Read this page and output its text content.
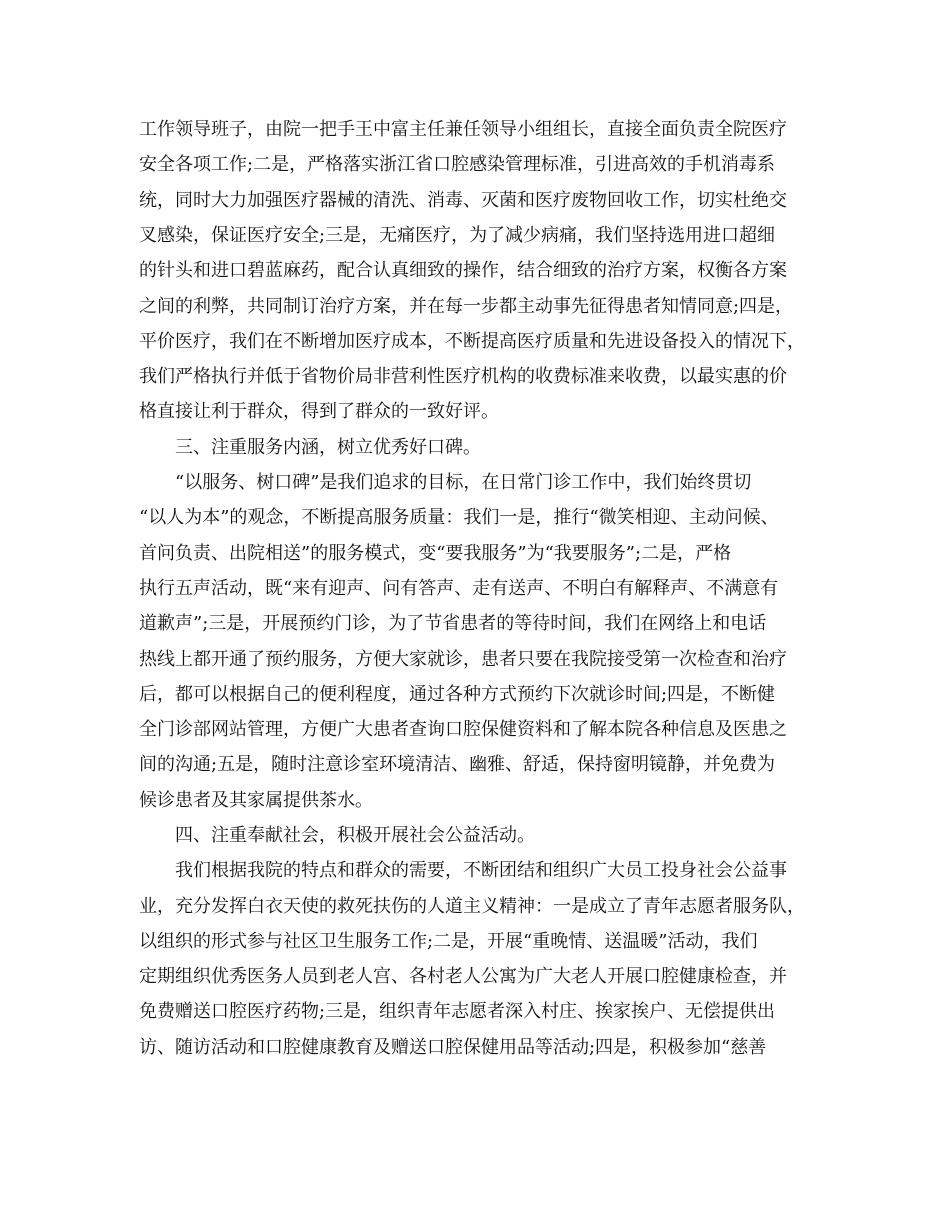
工作领导班子，由院一把手王中富主任兼任领导小组组长，直接全面负责全院医疗

安全各项工作;二是，严格落实浙江省口腔感染管理标准，引进高效的手机消毒系

统，同时大力加强医疗器械的清洗、消毒、灭菌和医疗废物回收工作，切实杜绝交

叉感染，保证医疗安全;三是，无痛医疗，为了减少病痛，我们坚持选用进口超细

的针头和进口碧蓝麻药，配合认真细致的操作，结合细致的治疗方案，权衡各方案

之间的利弊，共同制订治疗方案，并在每一步都主动事先征得患者知情同意;四是，

平价医疗，我们在不断增加医疗成本，不断提高医疗质量和先进设备投入的情况下，

我们严格执行并低于省物价局非营利性医疗机构的收费标准来收费，以最实惠的价

格直接让利于群众，得到了群众的一致好评。

三、注重服务内涵，树立优秀好口碑。

“以服务、树口碑”是我们追求的目标，在日常门诊工作中，我们始终贯切

“以人为本”的观念，不断提高服务质量：我们一是，推行“微笑相迎、主动问候、

首问负责、出院相送”的服务模式，变“要我服务”为“我要服务”;二是，严格

执行五声活动，既“来有迎声、问有答声、走有送声、不明白有解释声、不满意有

道歉声”;三是，开展预约门诊，为了节省患者的等待时间，我们在网络上和电话

热线上都开通了预约服务，方便大家就诊，患者只要在我院接受第一次检查和治疗

后，都可以根据自己的便利程度，通过各种方式预约下次就诊时间;四是，不断健

全门诊部网站管理，方便广大患者查询口腔保健资料和了解本院各种信息及医患之

间的沟通;五是，随时注意诊室环境清洁、幽雅、舒适，保持窗明镜静，并免费为

候诊患者及其家属提供茶水。

四、注重奉献社会，积极开展社会公益活动。

我们根据我院的特点和群众的需要，不断团结和组织广大员工投身社会公益事

业，充分发挥白衣天使的救死扶伤的人道主义精神：一是成立了青年志愿者服务队，

以组织的形式参与社区卫生服务工作;二是，开展“重晚情、送温暖”活动，我们

定期组织优秀医务人员到老人宫、各村老人公寓为广大老人开展口腔健康检查，并

免费赠送口腔医疗药物;三是，组织青年志愿者深入村庄、挨家挨户、无偿提供出

访、随访活动和口腔健康教育及赠送口腔保健用品等活动;四是，积极参加“慈善
